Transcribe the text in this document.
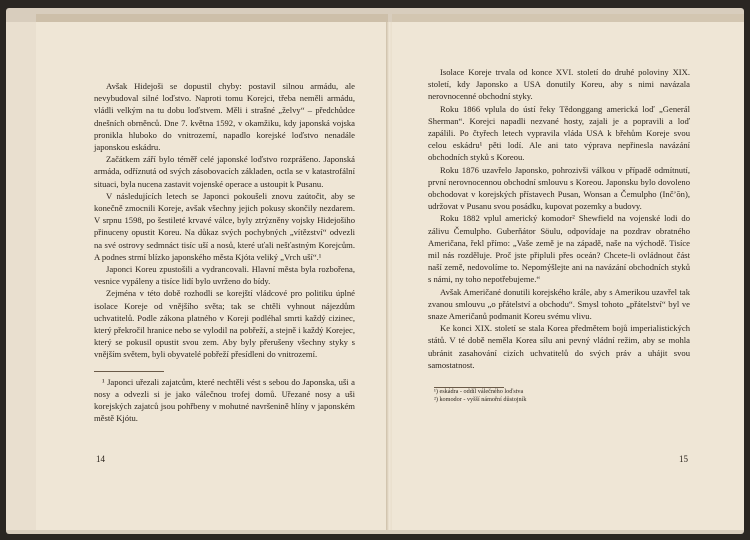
Avšak Hidejoši se dopustil chyby: postavil silnou armádu, ale nevybudoval silné loďstvo. Naproti tomu Korejci, třeba neměli armádu, vládli velkým na tu dobu loďstvem. Měli i strašné „želvy“ – předchůdce dnešních obrněnců. Dne 7. května 1592, v okamžiku, kdy japonská vojska pronikla hluboko do vnitrozemí, napadlo korejské loďstvo nenadále japonskou eskádru.

Začátkem září bylo téměř celé japonské loďstvo rozprášeno. Japonská armáda, odříznutá od svých zásobovacích základen, octla se v katastrofální situaci, byla nucena zastavit vojenské operace a ustoupit k Pusanu.

V následujících letech se Japonci pokoušeli znovu zaútočit, aby se konečně zmocnili Koreje, avšak všechny jejich pokusy skončily nezdarem. V srpnu 1598, po šestileté krvavé válce, byly ztrýzněny vojsky Hidejošiho přinuceny opustit Koreu. Na důkaz svých pochybných „vítězství“ odvezli na své ostrovy sedmnáct tisíc uší a nosů, které uťali nešťastným Korejcům. A podnes strmí blízko japonského města Kjóta veliký „Vrch uší“.¹

Japonci Koreu zpustošili a vydrancovali. Hlavní města byla rozbořena, vesnice vypáleny a tisíce lidí bylo uvrženo do bídy.

Zejména v této době rozhodli se korejští vládcové pro politiku úplné isolace Koreje od vnějšího světa; tak se chtěli vyhnout nájezdům uchvatitelů. Podle zákona platného v Koreji podléhal smrti každý cizinec, který překročil hranice nebo se vylodil na pobřeží, a stejně i každý Korejec, který se pokusil opustit svou zem. Aby byly přerušeny všechny styky s vnějším světem, byli obyvatelé pobřeží přesídleni do vnitrozemí.

¹ Japonci uřezali zajatcům, které nechtěli vést s sebou do Japonska, uši a nosy a odvezli si je jako válečnou trofej domů. Uřezané nosy a uši korejských zajatců jsou pohřbeny v mohutné navršenině hlíny v japonském městě Kjótu.

14

Isolace Koreje trvala od konce XVI. století do druhé poloviny XIX. století, kdy Japonsko a USA donutily Koreu, aby s nimi navázala nerovnocenné obchodní styky.

Roku 1866 vplula do ústí řeky Tědonggang americká loď „Generál Sherman“. Korejci napadli nezvané hosty, zajali je a popravili a loď zapálili. Po čtyřech letech vypravila vláda USA k břehům Koreje svou celou eskádru¹ pěti lodí. Ale ani tato výprava nepřinesla navázání obchodních styků s Koreou.

Roku 1876 uzavřelo Japonsko, pohrozivši válkou v případě odmítnutí, první nerovnocennou obchodní smlouvu s Koreou. Japonsku bylo dovoleno obchodovat v korejských přístavech Pusan, Wonsan a Čemulpho (Inč’ŏn), udržovat v Pusanu svou posádku, kupovat pozemky a budovy.

Roku 1882 vplul americký komodor² Shewfield na vojenské lodi do zálivu Čemulpho. Guberňátor Söulu, odpovídaje na pozdrav obratného Američana, řekl přímo: „Vaše země je na západě, naše na východě. Tisíce mil nás rozděluje. Proč jste připluli přes oceán? Chcete-li ovládnout část naší země, nedovolíme to. Nepomýšlejte ani na navázání obchodních styků s námi, ny toho nepotřebujeme.“

Avšak Američané donutili korejského krále, aby s Amerikou uzavřel tak zvanou smlouvu „o přátelství a obchodu“. Smysl tohoto „přátelství“ byl ve snaze Američanů podmanit Koreu svému vlivu.

Ke konci XIX. století se stala Korea předmětem bojů imperialistických států. V té době neměla Korea sílu ani pevný vládní režim, aby se mohla ubránit zasahování cizích uchvatitelů do svých práv a uhájit svou samostatnost.

¹) eskádra - oddíl válečného loďstva
²) komodor - vyšší námořní důstojník
15
